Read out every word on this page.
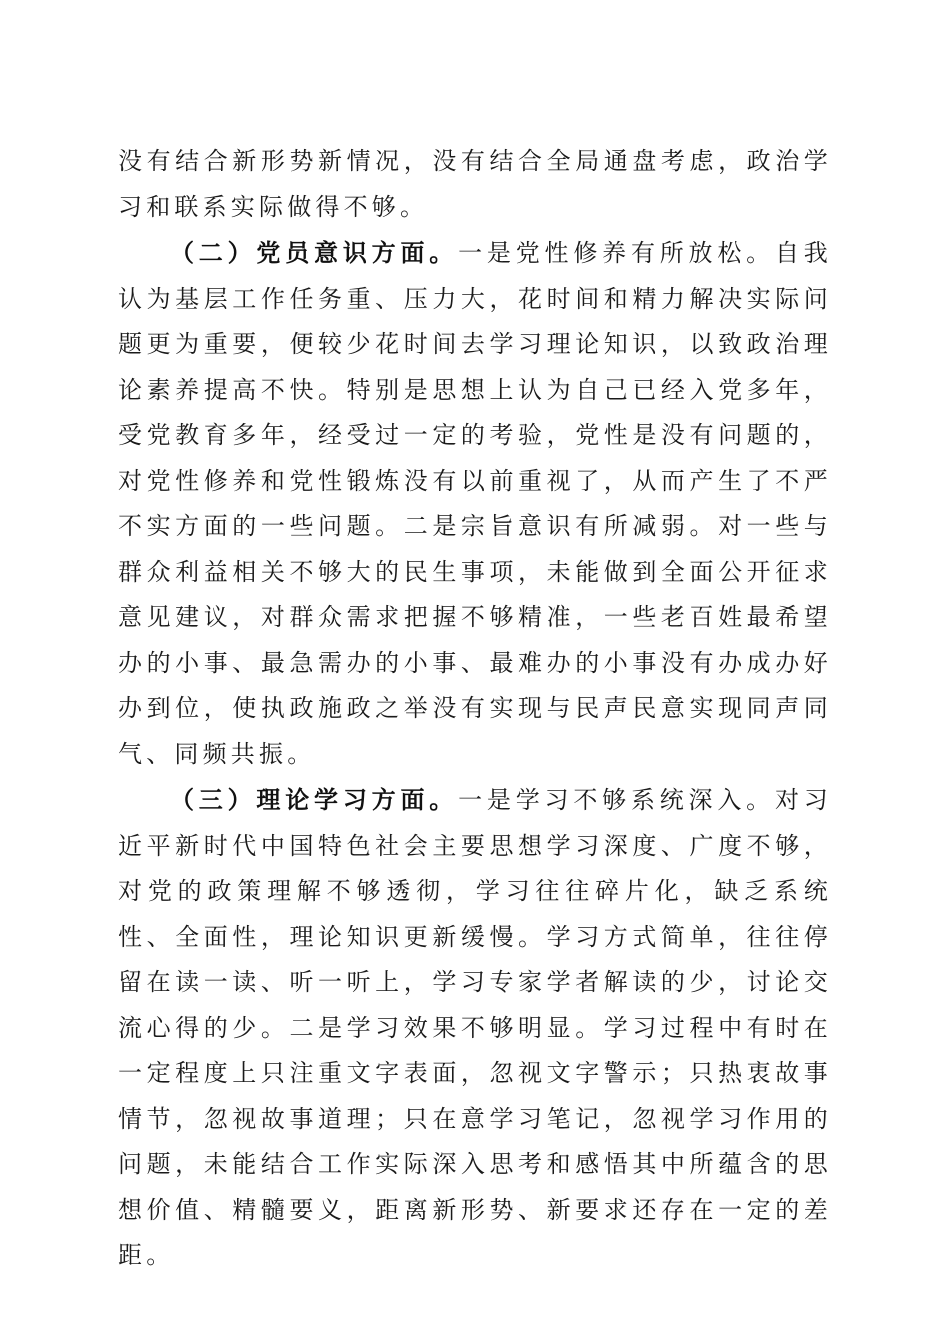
没有结合新形势新情况，没有结合全局通盘考虑，政治学习和联系实际做得不够。

（二）党员意识方面。一是党性修养有所放松。自我认为基层工作任务重、压力大，花时间和精力解决实际问题更为重要，便较少花时间去学习理论知识，以致政治理论素养提高不快。特别是思想上认为自己已经入党多年，受党教育多年，经受过一定的考验，党性是没有问题的，对党性修养和党性锻炼没有以前重视了，从而产生了不严不实方面的一些问题。二是宗旨意识有所减弱。对一些与群众利益相关不够大的民生事项，未能做到全面公开征求意见建议，对群众需求把握不够精准，一些老百姓最希望办的小事、最急需办的小事、最难办的小事没有办成办好办到位，使执政施政之举没有实现与民声民意实现同声同气、同频共振。

（三）理论学习方面。一是学习不够系统深入。对习近平新时代中国特色社会主要思想学习深度、广度不够，对党的政策理解不够透彻，学习往往碎片化，缺乏系统性、全面性，理论知识更新缓慢。学习方式简单，往往停留在读一读、听一听上，学习专家学者解读的少，讨论交流心得的少。二是学习效果不够明显。学习过程中有时在一定程度上只注重文字表面，忽视文字警示；只热衷故事情节，忽视故事道理；只在意学习笔记，忽视学习作用的问题，未能结合工作实际深入思考和感悟其中所蕴含的思想价值、精髓要义，距离新形势、新要求还存在一定的差距。
